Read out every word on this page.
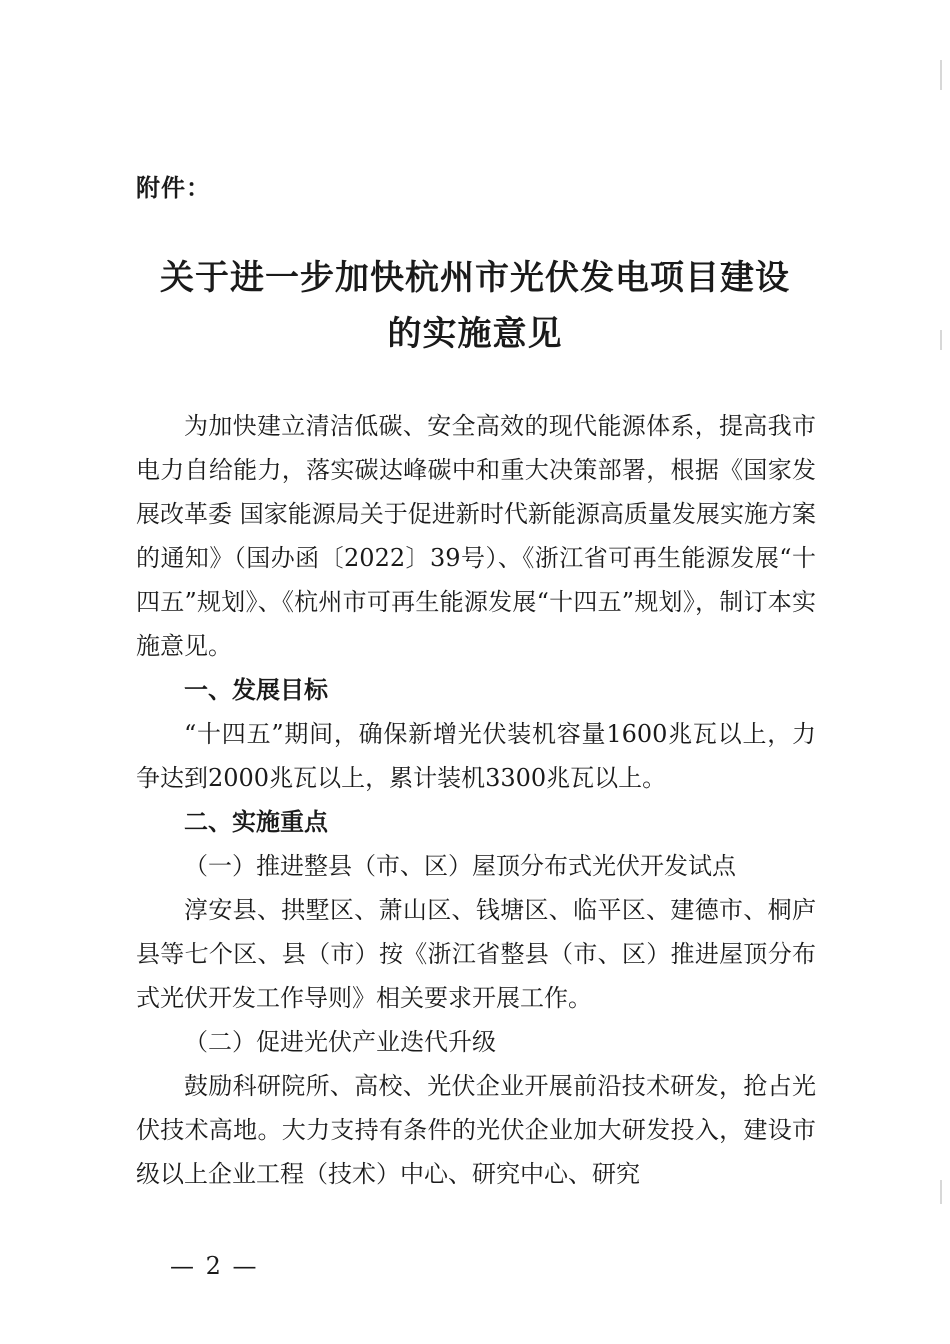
附件：
关于进一步加快杭州市光伏发电项目建设
的实施意见

为加快建立清洁低碳、安全高效的现代能源体系，提高我市电力自给能力，落实碳达峰碳中和重大决策部署，根据《国家发展改革委 国家能源局关于促进新时代新能源高质量发展实施方案的通知》（国办函〔2022〕39号）、《浙江省可再生能源发展“十四五”规划》、《杭州市可再生能源发展“十四五”规划》，制订本实施意见。

一、发展目标

“十四五”期间，确保新增光伏装机容量1600兆瓦以上，力争达到2000兆瓦以上，累计装机3300兆瓦以上。

二、实施重点

（一）推进整县（市、区）屋顶分布式光伏开发试点

淳安县、拱墅区、萧山区、钱塘区、临平区、建德市、桐庐县等七个区、县（市）按《浙江省整县（市、区）推进屋顶分布式光伏开发工作导则》相关要求开展工作。

（二）促进光伏产业迭代升级

鼓励科研院所、高校、光伏企业开展前沿技术研发，抢占光伏技术高地。大力支持有条件的光伏企业加大研发投入，建设市级以上企业工程（技术）中心、研究中心、研究

— 2 —
